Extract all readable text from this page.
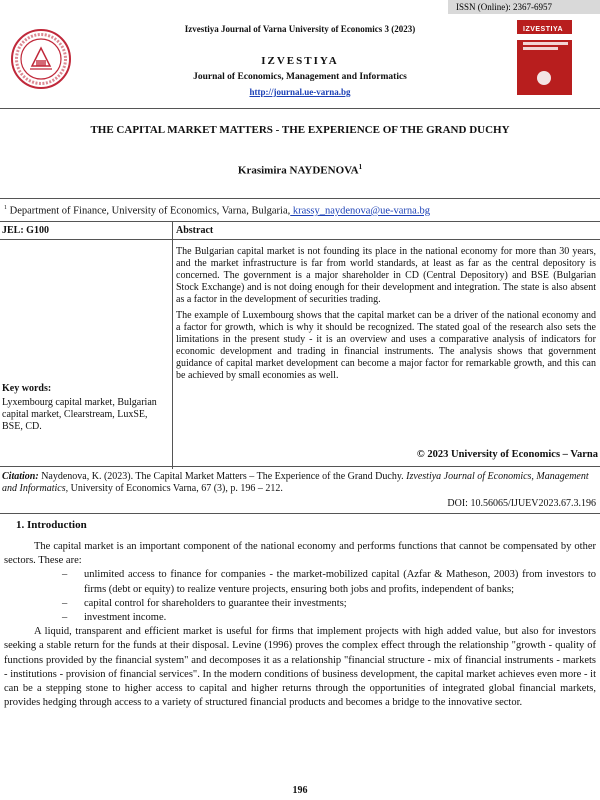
ISSN (Online): 2367-6957
Izvestiya Journal of Varna University of Economics 3 (2023)	IZVESTIYA
IZVESTIYA
Journal of Economics, Management and Informatics
http://journal.ue-varna.bg
THE CAPITAL MARKET MATTERS - THE EXPERIENCE OF THE GRAND DUCHY
Krasimira NAYDENOVA$^1$
$^1$ Department of Finance, University of Economics, Varna, Bulgaria, krassy_naydenova@ue-varna.bg
JEL: G100	Abstract

The Bulgarian capital market is not founding its place in the national economy for more than 30 years, and the market infrastructure is far from world standards, at least as far as the central depository is concerned. The government is a major shareholder in CD (Central Depository) and BSE (Bulgarian Stock Exchange) and is not doing enough for their development and integration. The state is also absent as a factor in the development of securities trading.

The example of Luxembourg shows that the capital market can be a driver of the national economy and a factor for growth, which is why it should be recognized. The stated goal of the research also sets the limitations in the present study - it is an overview and uses a comparative analysis of indicators for economic development and trading in financial instruments. The analysis shows that government guidance of capital market development can become a major factor for remarkable growth, and this can be achieved by small economies as well.

Key words:
Lyxembourg capital market, Bulgarian capital market, Clearstream, LuxSE, BSE, CD.
© 2023 University of Economics – Varna
Citation: Naydenova, K. (2023). The Capital Market Matters – The Experience of the Grand Duchy. Izvestiya Journal of Economics, Management and Informatics, University of Economics Varna, 67 (3), p. 196 – 212.
DOI: 10.56065/IJUEV2023.67.3.196
1. Introduction

The capital market is an important component of the national economy and performs functions that cannot be compensated by other sectors. These are:

– unlimited access to finance for companies - the market-mobilized capital (Azfar & Matheson, 2003) from investors to firms (debt or equity) to realize venture projects, ensuring both jobs and profits, independent of banks;

– capital control for shareholders to guarantee their investments;

– investment income.

A liquid, transparent and efficient market is useful for firms that implement projects with high added value, but also for investors seeking a stable return for the funds at their disposal. Levine (1996) proves the complex effect through the relationship "growth - quality of functions provided by the financial system" and decomposes it as a relationship "financial structure - mix of financial instruments - markets - institutions - provision of financial services". In the modern conditions of business development, the capital market achieves even more - it can be a stepping stone to higher access to capital and higher returns through the opportunities of integrated global financial markets, provides hedging through access to a variety of structured financial products and becomes a bridge to the innovative sector.

196
